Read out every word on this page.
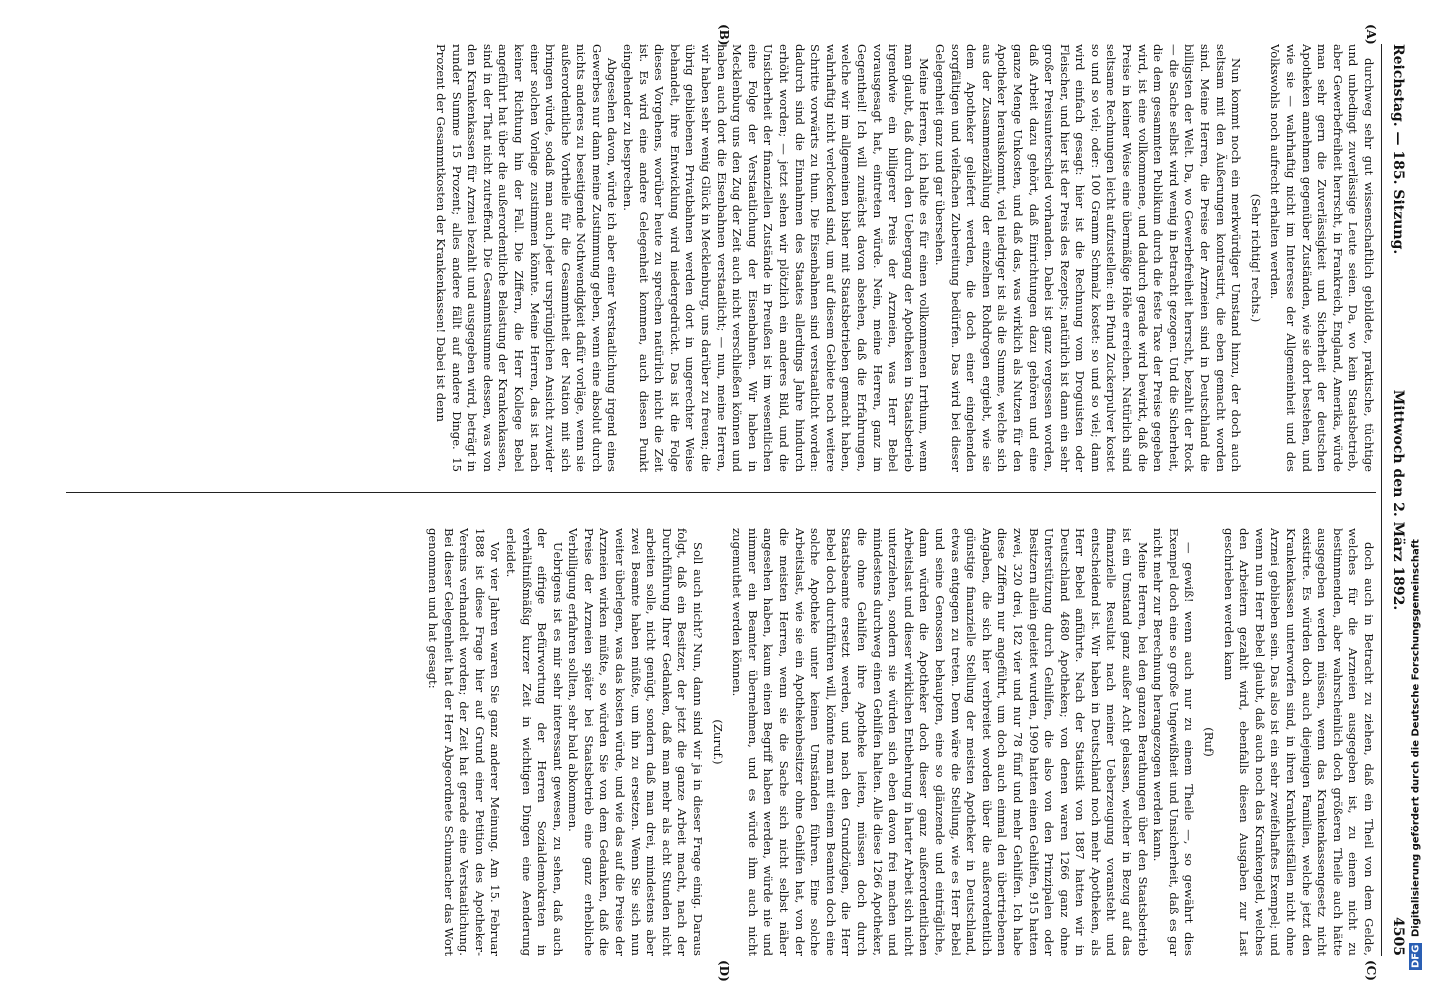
Reichstag. — 185. Sitzung.
Mittwoch den 2. März 1892.
4505
(A)
(B)
(C)
(D)

durchweg sehr gut wissenschaftlich gebildete, praktische, tüchtige und unbedingt zuverlässige Leute seien. Da, wo kein Staatsbetrieb, aber Gewerbefreiheit herrscht, in Frankreich, England, Amerika, würde man sehr gern die Zuverlässigkeit und Sicherheit der deutschen Apotheken annehmen gegenüber Zuständen, wie sie dort bestehen, und wie sie — wahrhaftig nicht im Interesse der Allgemeinheit und des Volkswohls noch aufrecht erhalten werden.

(Sehr richtig! rechts.)

Nun kommt noch ein merkwürdiger Umstand hinzu, der doch auch seltsam mit den Äußerungen kontrastirt, die eben gemacht worden sind. Meine Herren, die Preise der Arzneien sind in Deutschland die billigsten der Welt. Da, wo Gewerbefreiheit herrscht, bezahlt der Rock — die Sache selbst wird wenig in Betracht gezogen. Und die Sicherheit, die dem gesammten Publikum durch die feste Taxe der Preise gegeben wird, ist eine vollkommene, und dadurch gerade wird bewirkt, daß die Preise in keiner Weise eine übermäßige Höhe erreichen. Natürlich sind seltsame Rechnungen leicht aufzustellen: ein Pfund Zuckerpulver kostet so und so viel; oder: 100 Gramm Schmalz kostet: so und so viel; dann wird einfach gesagt: hier ist die Rechnung vom Droguisten oder Fleischer, und hier ist der Preis des Rezepts; natürlich ist dann ein sehr großer Preisunterschied vorhanden. Dabei ist ganz vergessen worden, daß Arbeit dazu gehört, daß Einrichtungen dazu gehören und eine ganze Menge Unkosten, und daß das, was wirklich als Nutzen für den Apotheker herauskommt, viel niedriger ist als die Summe, welche sich aus der Zusammenzählung der einzelnen Rohdrogen ergiebt, wie sie dem Apotheker geliefert werden, die doch einer eingehenden sorgfältigen und vielfachen Zubereitung bedürfen. Das wird bei dieser Gelegenheit ganz und gar übersehen.

Meine Herren, ich halte es für einen vollkommenen Irrthum, wenn man glaubt, daß durch den Uebergang der Apotheken in Staatsbetrieb irgendwie ein billigerer Preis der Arzneien, was Herr Bebel vorausgesagt hat, eintreten würde. Nein, meine Herren, ganz im Gegentheil! Ich will zunächst davon absehen, daß die Erfahrungen, welche wir im allgemeinen bisher mit Staatsbetrieben gemacht haben, wahrhaftig nicht verlockend sind, um auf diesem Gebiete noch weitere Schritte vorwärts zu thun. Die Eisenbahnen sind verstaatlicht worden: dadurch sind die Einnahmen des Staates allerdings Jahre hindurch erhöht worden; — jetzt sehen wir plötzlich ein anderes Bild, und die Unsicherheit der finanziellen Zustände in Preußen ist im wesentlichen eine Folge der Verstaatlichung der Eisenbahnen. Wir haben in Mecklenburg uns den Zug der Zeit auch nicht verschließen können und haben auch dort die Eisenbahnen verstaatlicht; — nun, meine Herren, wir haben sehr wenig Glück in Mecklenburg, uns darüber zu freuen; die übrig gebliebenen Privatbahnen werden dort in ungerechter Weise behandelt, ihre Entwicklung wird niedergedrückt. Das ist die Folge dieses Vorgehens, worüber heute zu sprechen natürlich nicht die Zeit ist. Es wird eine andere Gelegenheit kommen, auch diesen Punkt eingehender zu besprechen.

Abgesehen davon, würde ich aber einer Verstaatlichung irgend eines Gewerbes nur dann meine Zustimmung geben, wenn eine absolut durch nichts anderes zu beseitigende Nothwendigkeit dafür vorläge, wenn sie außerordentliche Vortheile für die Gesammtheit der Nation mit sich bringen würde, sodaß man auch jeder ursprünglichen Ansicht zuwider einer solchen Vorlage zustimmen könnte. Meine Herren, das ist nach keiner Richtung hin der Fall. Die Ziffern, die Herr Kollege Bebel angeführt hat über die außerordentliche Belastung der Krankenkassen, sind in der That nicht zutreffend. Die Gesammtsumme dessen, was von den Krankenkassen für Arznei bezahlt und ausgegeben wird, beträgt in runder Summe 15 Prozent; alles andere fällt auf andere Dinge. 15 Prozent der Gesammtkosten der Krankenkassen! Dabei ist denn

doch auch in Betracht zu ziehen, daß ein Theil von dem Gelde, welches für die Arzneien ausgegeben ist, zu einem nicht zu bestimmenden, aber wahrscheinlich doch größeren Theile auch hätte ausgegeben werden müssen, wenn das Krankenkassengesetz nicht existirte. Es würden doch auch diejenigen Familien, welche jetzt den Krankenkassen unterworfen sind, in ihren Krankheitsfällen nicht ohne Arznei geblieben sein. Das also ist ein sehr zweifelhaftes Exempel; und wenn nun Herr Bebel glaubt, daß auch noch das Krankengeld, welches den Arbeitern gezahlt wird, ebenfalls diesen Ausgaben zur Last geschrieben werden kann

(Ruf)

— gewiß! wenn auch nur zu einem Theile —, so gewährt dies Exempel doch eine so große Ungewißheit und Unsicherheit, daß es gar nicht mehr zur Berechnung herangezogen werden kann.

Meine Herren, bei den ganzen Berathungen über den Staatsbetrieb ist ein Umstand ganz außer Acht gelassen, welcher in Bezug auf das finanzielle Resultat nach meiner Ueberzeugung voransteht und entscheidend ist. Wir haben in Deutschland noch mehr Apotheken, als Herr Bebel anführte. Nach der Statistik von 1887 hatten wir in Deutschland 4680 Apotheken; von denen waren 1266 ganz ohne Unterstützung durch Gehilfen, die also von den Prinzipalen oder Besitzern allein geleitet wurden, 1909 hatten einen Gehilfen, 915 hatten zwei, 320 drei, 182 vier und nur 78 fünf und mehr Gehilfen. Ich habe diese Ziffern nur angeführt, um doch auch einmal den übertriebenen Angaben, die sich hier verbreitet worden über die außerordentlich günstige finanzielle Stellung der meisten Apotheker in Deutschland, etwas entgegen zu treten. Denn wäre die Stellung, wie es Herr Bebel und seine Genossen behaupten, eine so glänzende und einträgliche, dann würden die Apotheker doch dieser ganz außerordentlichen Arbeitslast und dieser wirklichen Entbehrung in harter Arbeit sich nicht unterziehen, sondern sie würden sich eben davon frei machen und mindestens durchweg einen Gehilfen halten. Alle diese 1266 Apotheker, die ohne Gehilfen ihre Apotheke leiten, müssen doch durch Staatsbeamte ersetzt werden, und nach den Grundzügen, die Herr Bebel doch durchführen will, könnte man mit einem Beamten doch eine solche Apotheke unter keinen Umständen führen. Eine solche Arbeitslast, wie sie ein Apothekenbesitzer ohne Gehilfen hat, von der die meisten Herren, wenn sie die Sache sich nicht selbst näher angesehen haben, kaum einen Begriff haben werden, würde nie und nimmer ein Beamter übernehmen, und es würde ihm auch nicht zugemuthet werden können.

(Zuruf.)

Soll auch nicht? Nun, dann sind wir ja in dieser Frage einig. Daraus folgt, daß ein Besitzer, der jetzt die ganze Arbeit macht, nach der Durchführung Ihrer Gedanken, daß man mehr als acht Stunden nicht arbeiten solle, nicht genügt, sondern daß man drei, mindestens aber zwei Beamte haben müßte, um ihn zu ersetzen. Wenn Sie sich nun weiter überlegen, was das kosten würde, und wie das auf die Preise der Arzneien wirken müßte, so würden Sie von dem Gedanken, daß die Preise der Arzneien später bei Staatsbetrieb eine ganz erhebliche Verbilligung erfahren sollten, sehr bald abkommen.

Uebrigens ist es mir sehr interessant gewesen, zu sehen, daß auch der eifrige Befürwortung der Herren Sozialdemokraten in verhältnißmäßig kurzer Zeit in wichtigen Dingen eine Aenderung erleidet.

Vor vier Jahren waren Sie ganz anderer Meinung. Am 15. Februar 1888 ist diese Frage hier auf Grund einer Petition des Apotheker-Vereins verhandelt worden; der Zeit hat gerade eine Verstaatlichung. Bei dieser Gelegenheit hat der Herr Abgeordnete Schumacher das Wort genommen und hat gesagt:

DFG
Digitalisierung gefördert durch die Deutsche Forschungsgemeinschaft
